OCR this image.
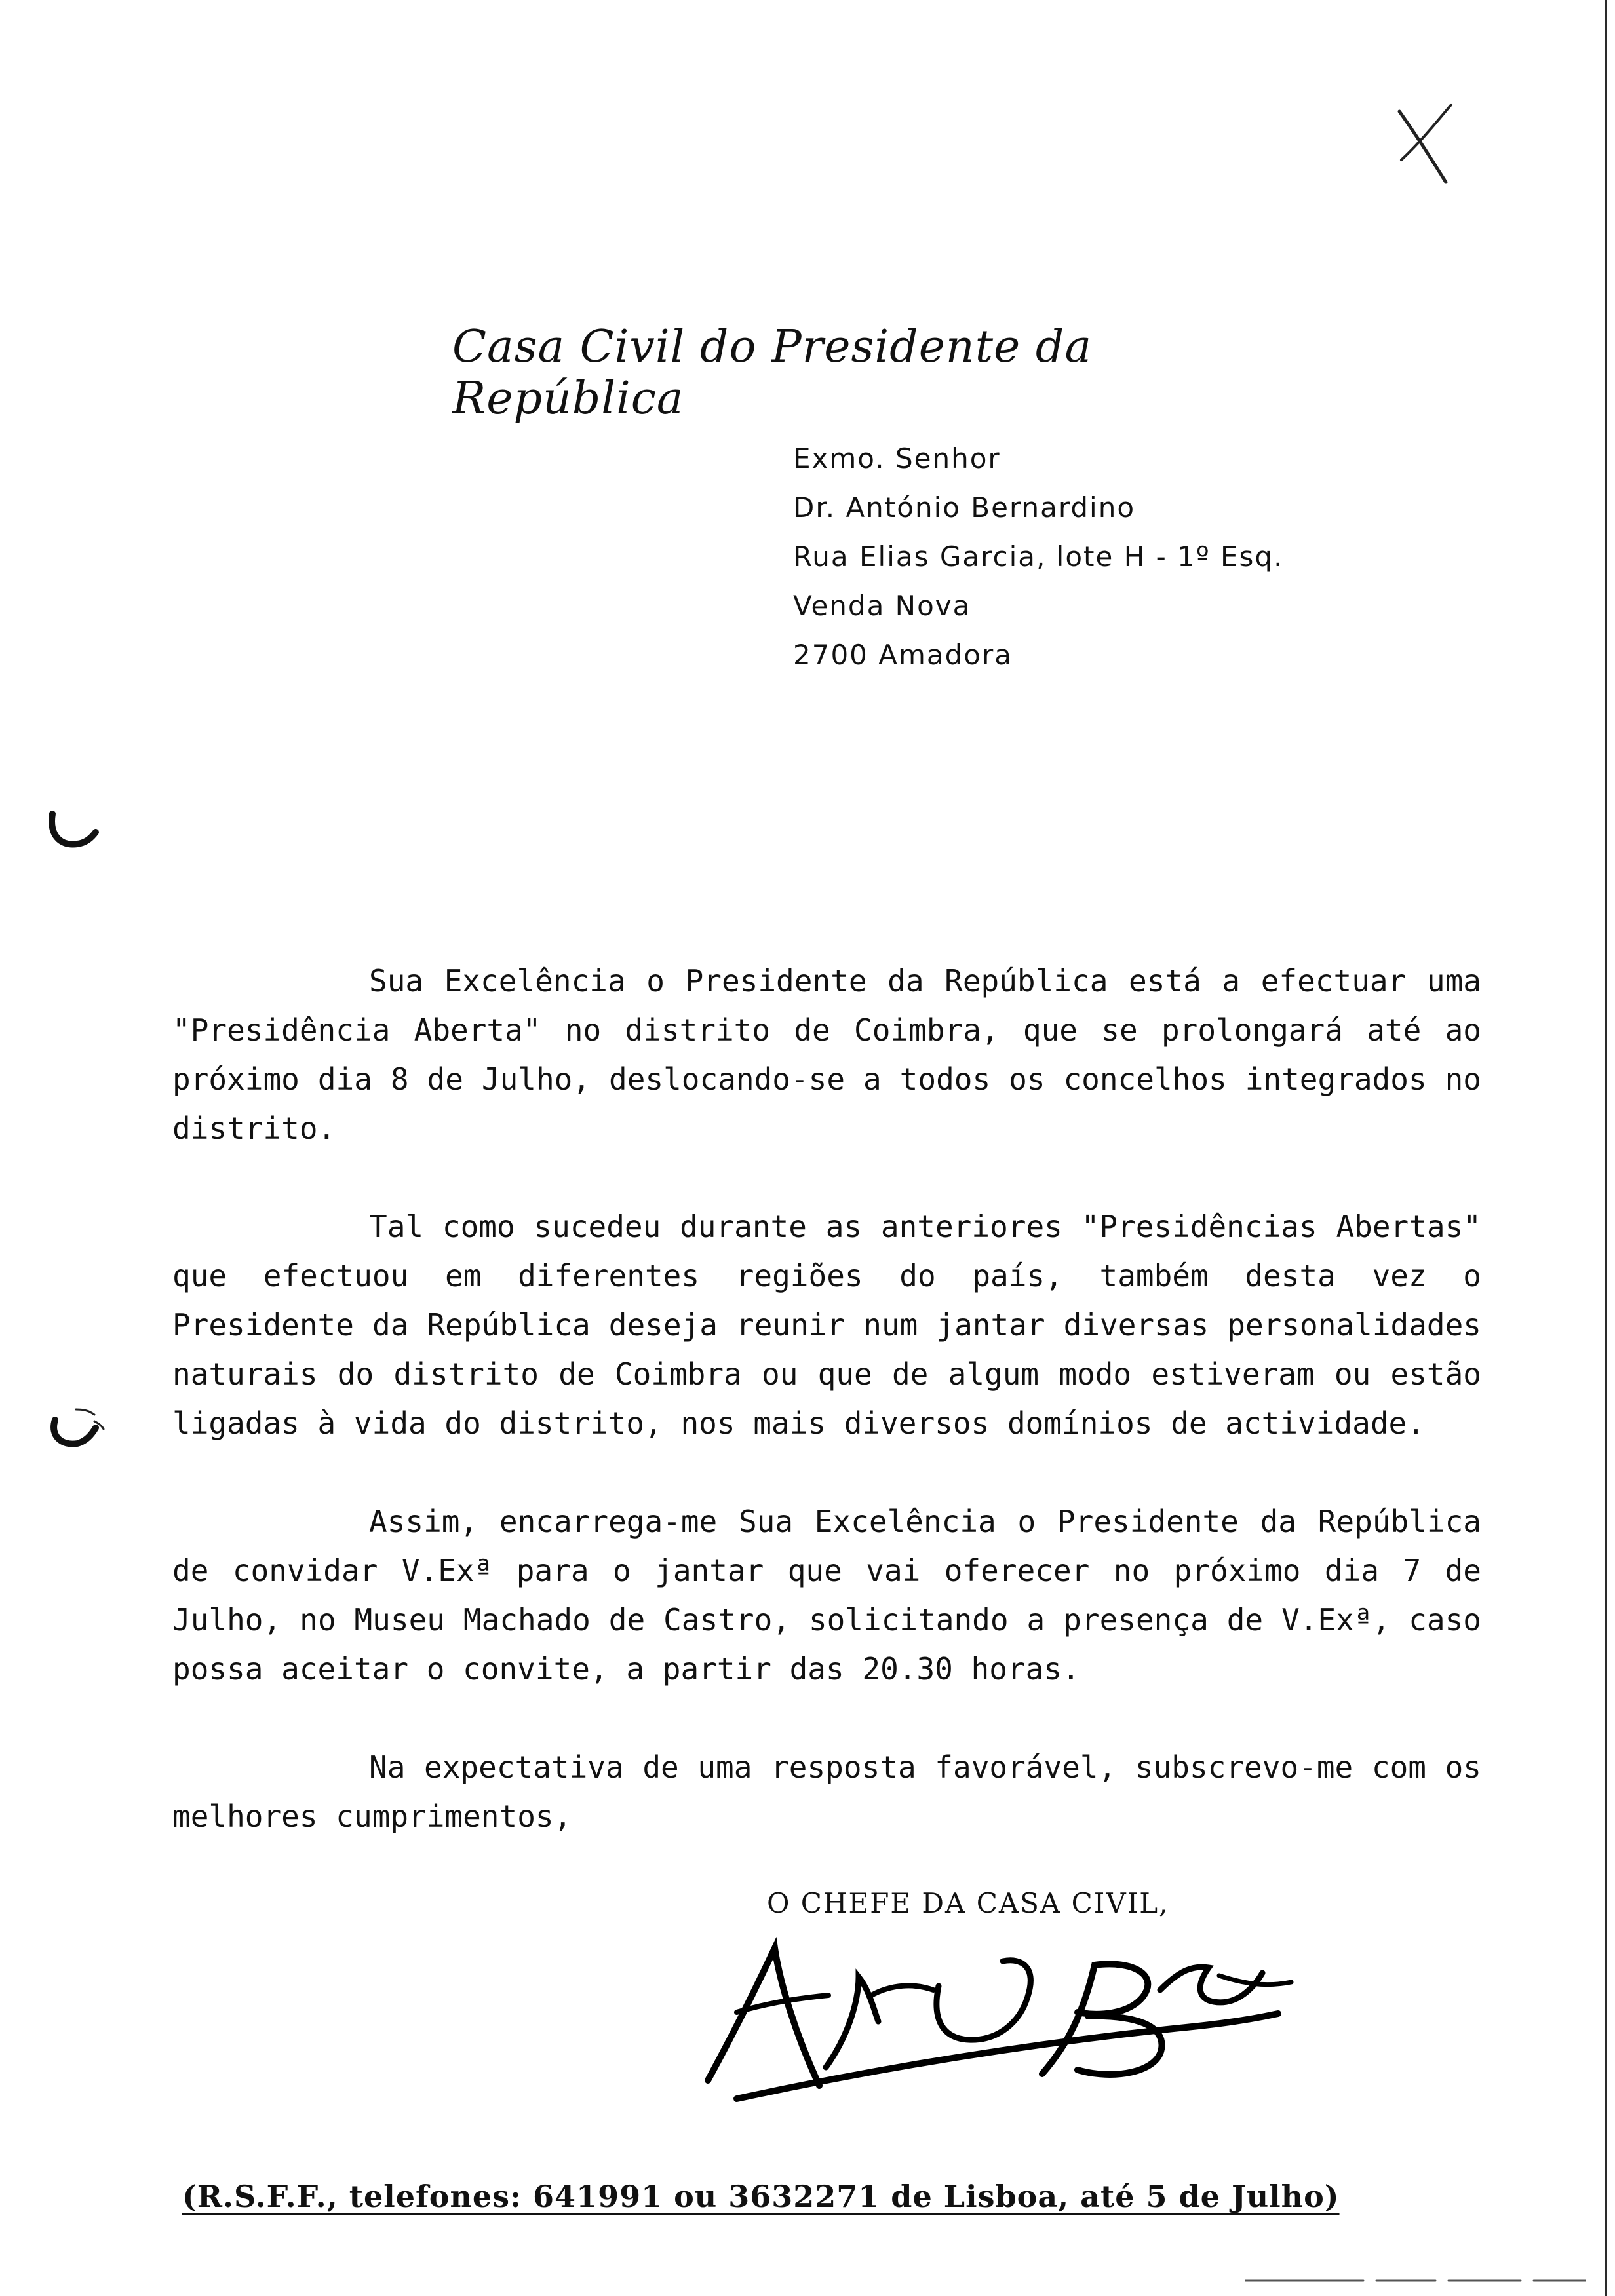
Casa Civil do Presidente da República
Exmo. Senhor
Dr. António Bernardino
Rua Elias Garcia, lote H - 1º Esq.
Venda Nova
2700 Amadora

Sua Excelência o Presidente da República está a efectuar uma "Presidência Aberta" no distrito de Coimbra, que se prolongará até ao próximo dia 8 de Julho, deslocando-se a todos os concelhos integrados no distrito.

Tal como sucedeu durante as anteriores "Presidências Abertas" que efectuou em diferentes regiões do país, também desta vez o Presidente da República deseja reunir num jantar diversas personalidades naturais do distrito de Coimbra ou que de algum modo estiveram ou estão ligadas à vida do distrito, nos mais diversos domínios de actividade.

Assim, encarrega-me Sua Excelência o Presidente da República de convidar V.Exª para o jantar que vai oferecer no próximo dia 7 de Julho, no Museu Machado de Castro, solicitando a presença de V.Exª, caso possa aceitar o convite, a partir das 20.30 horas.

Na expectativa de uma resposta favorável, subscrevo-me com os melhores cumprimentos,

O CHEFE DA CASA CIVIL,
(R.S.F.F., telefones: 641991 ou 3632271 de Lisboa, até 5 de Julho)
